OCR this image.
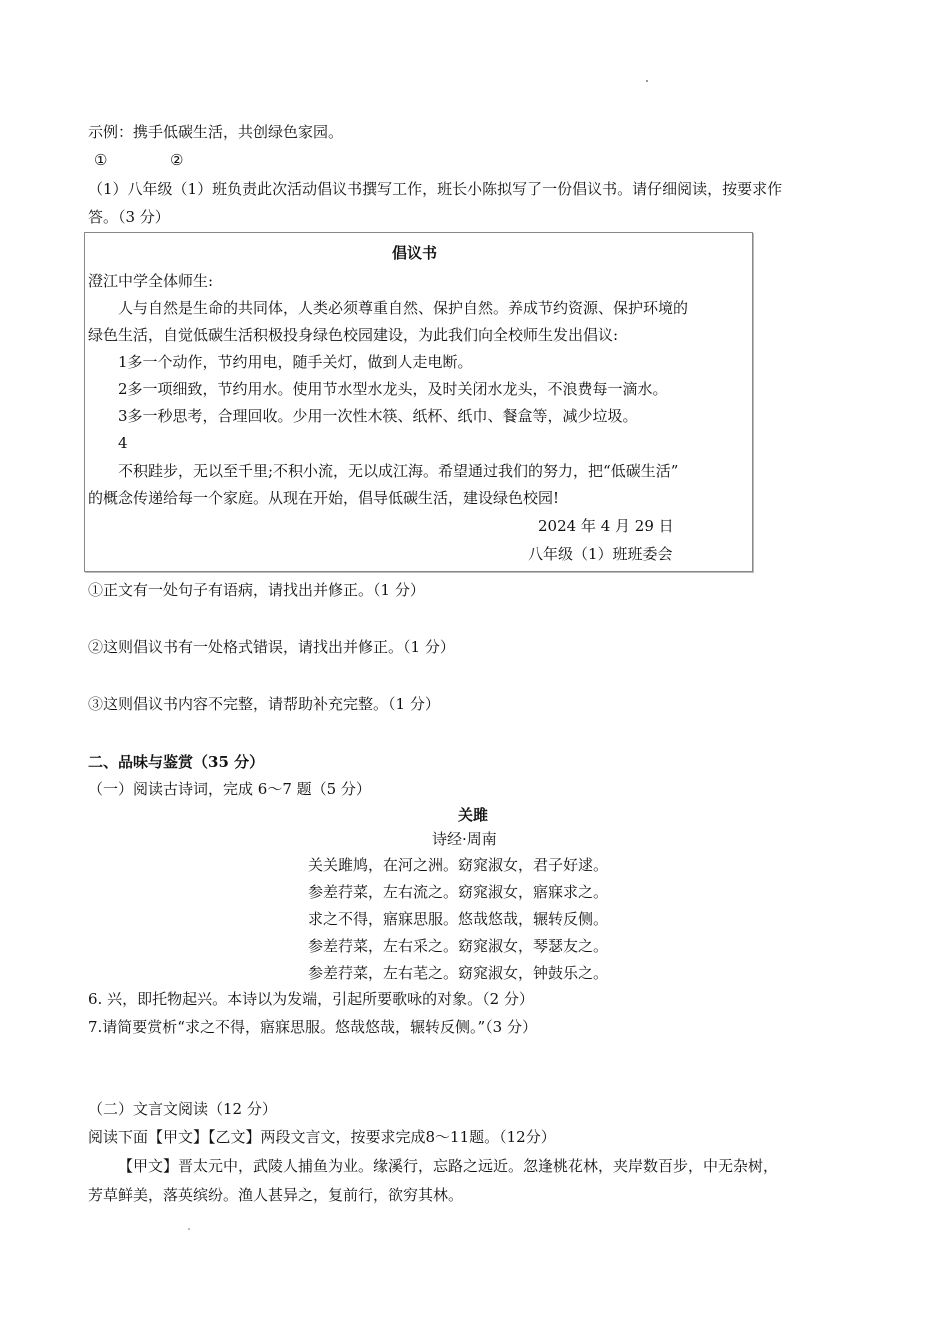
示例：携手低碳生活，共创绿色家园。
①	②
（1）八年级（1）班负责此次活动倡议书撰写工作，班长小陈拟写了一份倡议书。请仔细阅读，按要求作
答。（3 分）
倡议书
澄江中学全体师生:
人与自然是生命的共同体，人类必须尊重自然、保护自然。养成节约资源、保护环境的
绿色生活，自觉低碳生活积极投身绿色校园建设，为此我们向全校师生发出倡议:
1多一个动作，节约用电，随手关灯，做到人走电断。
2多一项细致，节约用水。使用节水型水龙头，及时关闭水龙头，不浪费每一滴水。
3多一秒思考，合理回收。少用一次性木筷、纸杯、纸巾、餐盒等，减少垃圾。
4
不积跬步，无以至千里;不积小流，无以成江海。希望通过我们的努力，把“低碳生活”
的概念传递给每一个家庭。从现在开始，倡导低碳生活，建设绿色校园!
2024 年 4 月 29 日
八年级（1）班班委会
①正文有一处句子有语病，请找出并修正。（1 分）
②这则倡议书有一处格式错误，请找出并修正。（1 分）
③这则倡议书内容不完整，请帮助补充完整。（1 分）
二、品味与鉴赏（35 分）
（一）阅读古诗词，完成 6～7 题（5 分）
关雎
诗经·周南
关关雎鸠，在河之洲。窈窕淑女，君子好逑。
参差荇菜，左右流之。窈窕淑女，寤寐求之。
求之不得，寤寐思服。悠哉悠哉，辗转反侧。
参差荇菜，左右采之。窈窕淑女，琴瑟友之。
参差荇菜，左右芼之。窈窕淑女，钟鼓乐之。
6. 兴，即托物起兴。本诗以为发端，引起所要歌咏的对象。（2 分）
7.请简要赏析“求之不得，寤寐思服。悠哉悠哉，辗转反侧。”（3 分）
（二）文言文阅读（12 分）
阅读下面【甲文】【乙文】两段文言文，按要求完成8～11题。（12分）
【甲文】晋太元中，武陵人捕鱼为业。缘溪行，忘路之远近。忽逢桃花林，夹岸数百步，中无杂树，
芳草鲜美，落英缤纷。渔人甚异之，复前行，欲穷其林。
